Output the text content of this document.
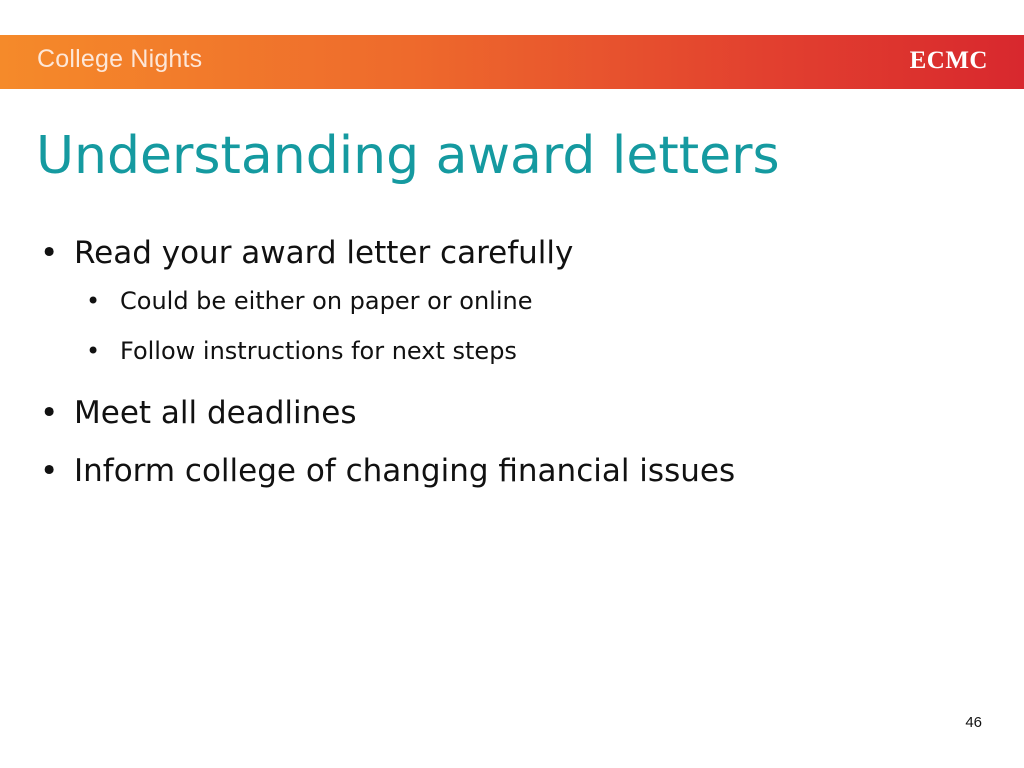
College Nights	ECMC
Understanding award letters
• Read your award letter carefully
• Could be either on paper or online
• Follow instructions for next steps
• Meet all deadlines
• Inform college of changing financial issues
46
